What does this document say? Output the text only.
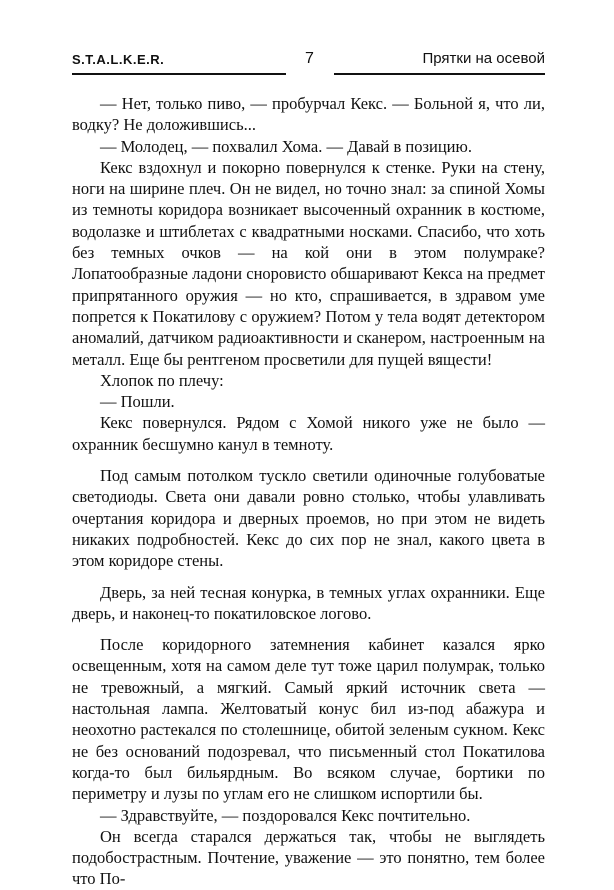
S.T.A.L.K.E.R.	7	Прятки на осевой

— Нет, только пиво, — пробурчал Кекс. — Больной я, что ли, водку? Не доложившись...

— Молодец, — похвалил Хома. — Давай в позицию.

Кекс вздохнул и покорно повернулся к стенке. Руки на стену, ноги на ширине плеч. Он не видел, но точно знал: за спиной Хомы из темноты коридора возникает высоченный охранник в костюме, водолазке и штиблетах с квадратными носками. Спасибо, что хоть без темных очков — на кой они в этом полумраке? Лопатообразные ладони сноровисто обшаривают Кекса на предмет припрятанного оружия — но кто, спрашивается, в здравом уме попрется к Покатилову с оружием? Потом у тела водят детектором аномалий, датчиком радиоактивности и сканером, настроенным на металл. Еще бы рентгеном просветили для пущей вящести!

Хлопок по плечу:

— Пошли.

Кекс повернулся. Рядом с Хомой никого уже не было — охранник бесшумно канул в темноту.

Под самым потолком тускло светили одиночные голубоватые светодиоды. Света они давали ровно столько, чтобы улавливать очертания коридора и дверных проемов, но при этом не видеть никаких подробностей. Кекс до сих пор не знал, какого цвета в этом коридоре стены.

Дверь, за ней тесная конурка, в темных углах охранники. Еще дверь, и наконец-то покатиловское логово.

После коридорного затемнения кабинет казался ярко освещенным, хотя на самом деле тут тоже царил полумрак, только не тревожный, а мягкий. Самый яркий источник света — настольная лампа. Желтоватый конус бил из-под абажура и неохотно растекался по столешнице, обитой зеленым сукном. Кекс не без оснований подозревал, что письменный стол Покатилова когда-то был бильярдным. Во всяком случае, бортики по периметру и лузы по углам его не слишком испортили бы.

— Здравствуйте, — поздоровался Кекс почтительно.

Он всегда старался держаться так, чтобы не выглядеть подобострастным. Почтение, уважение — это понятно, тем более что По-
